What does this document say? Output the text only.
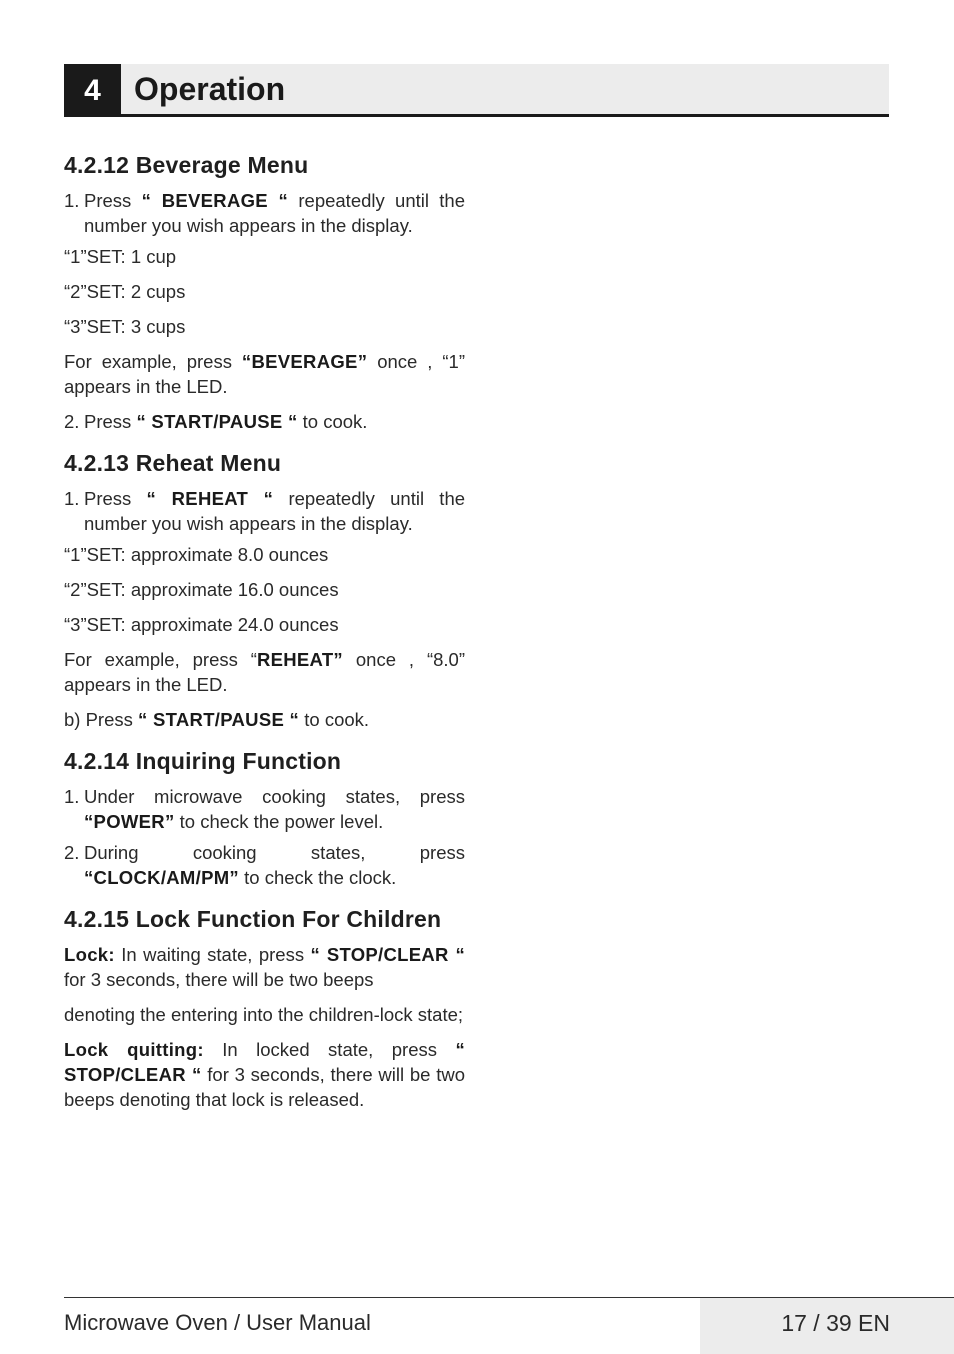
4	Operation
4.2.12 Beverage Menu
1. Press “ BEVERAGE “ repeatedly until the number you wish appears in the display.

“1”SET: 1 cup

“2”SET: 2 cups

“3”SET: 3 cups

For example, press “BEVERAGE” once , “1” appears in the LED.

2. Press “ START/PAUSE “ to cook.
4.2.13 Reheat Menu
1. Press “ REHEAT “ repeatedly until the number you wish appears in the display.

“1”SET: approximate 8.0 ounces

“2”SET: approximate 16.0 ounces

“3”SET: approximate 24.0 ounces

For example, press “REHEAT” once , “8.0” appears in the LED.

b) Press “ START/PAUSE “ to cook.

4.2.14 Inquiring Function
1. Under microwave cooking states, press “POWER” to check the power level.
2. During cooking states, press “CLOCK/AM/PM” to check the clock.
4.2.15 Lock Function For Children

Lock: In waiting state, press “ STOP/CLEAR “ for 3 seconds, there will be two beeps

denoting the entering into the children-lock state;

Lock quitting: In locked state, press “ STOP/CLEAR “ for 3 seconds, there will be two beeps denoting that lock is released.

Microwave Oven / User Manual	17 / 39 EN
